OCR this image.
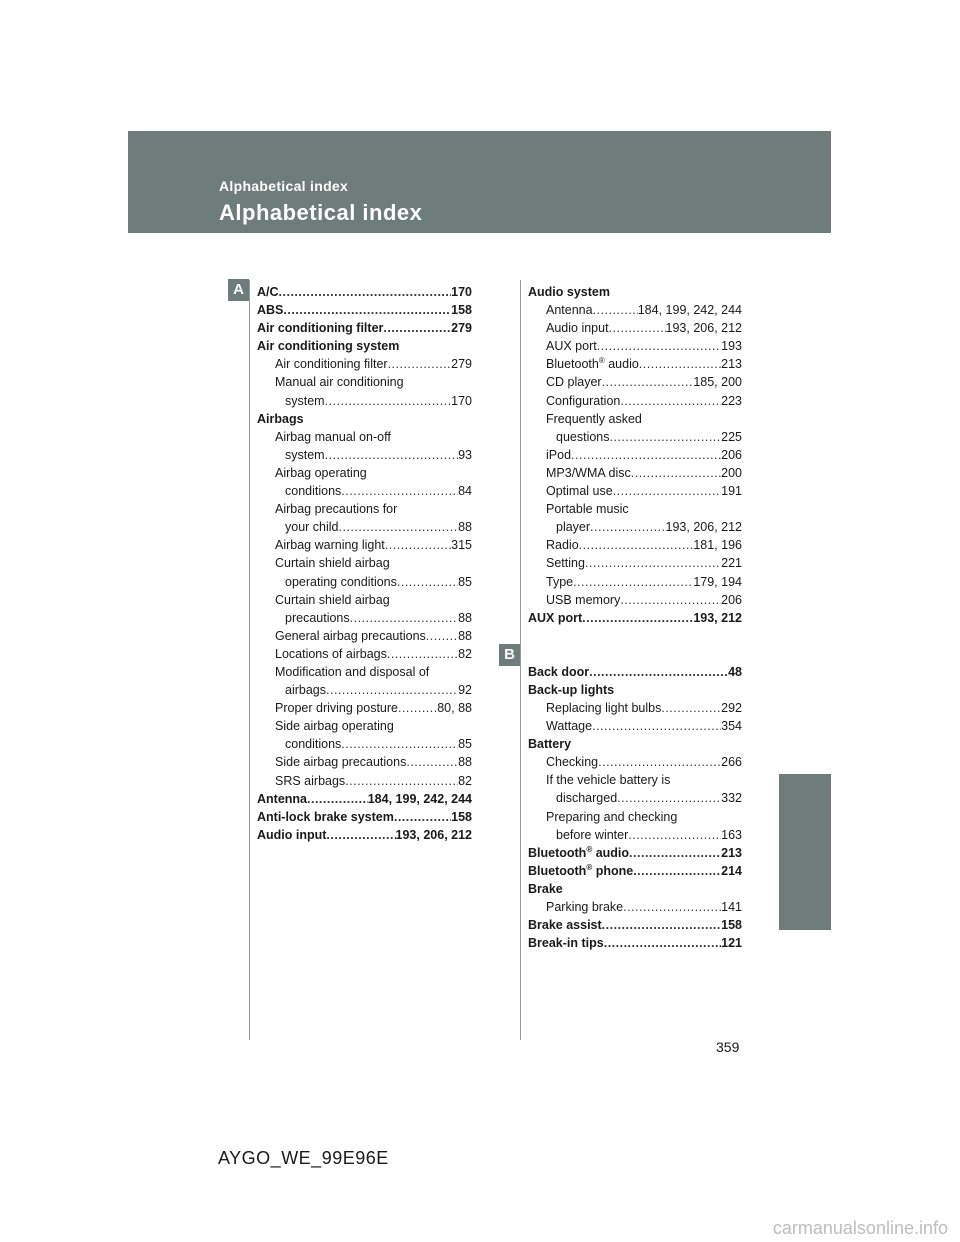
Alphabetical index
Alphabetical index
A
B
A/C .....	170
ABS .....	158
Air conditioning filter .....	279
Air conditioning system
Air conditioning filter .....	279
Manual air conditioning
system .....	170
Airbags
Airbag manual on-off
system .....	93
Airbag operating
conditions .....	84
Airbag precautions for
your child .....	88
Airbag warning light .....	315
Curtain shield airbag
operating conditions .....	85
Curtain shield airbag
precautions .....	88
General airbag precautions .....	88
Locations of airbags .....	82
Modification and disposal of
airbags .....	92
Proper driving posture .....	80, 88
Side airbag operating
conditions .....	85
Side airbag precautions .....	88
SRS airbags .....	82
Antenna .....	184, 199, 242, 244
Anti-lock brake system .....	158
Audio input .....	193, 206, 212
Audio system
Antenna .....	184, 199, 242, 244
Audio input .....	193, 206, 212
AUX port .....	193
Bluetooth® audio .....	213
CD player .....	185, 200
Configuration .....	223
Frequently asked
questions .....	225
iPod .....	206
MP3/WMA disc .....	200
Optimal use .....	191
Portable music
player .....	193, 206, 212
Radio .....	181, 196
Setting .....	221
Type .....	179, 194
USB memory .....	206
AUX port .....	193, 212
Back door .....	48
Back-up lights
Replacing light bulbs .....	292
Wattage .....	354
Battery
Checking .....	266
If the vehicle battery is
discharged .....	332
Preparing and checking
before winter .....	163
Bluetooth® audio .....	213
Bluetooth® phone .....	214
Brake
Parking brake .....	141
Brake assist .....	158
Break-in tips .....	121
359
AYGO_WE_99E96E
carmanualsonline.info
